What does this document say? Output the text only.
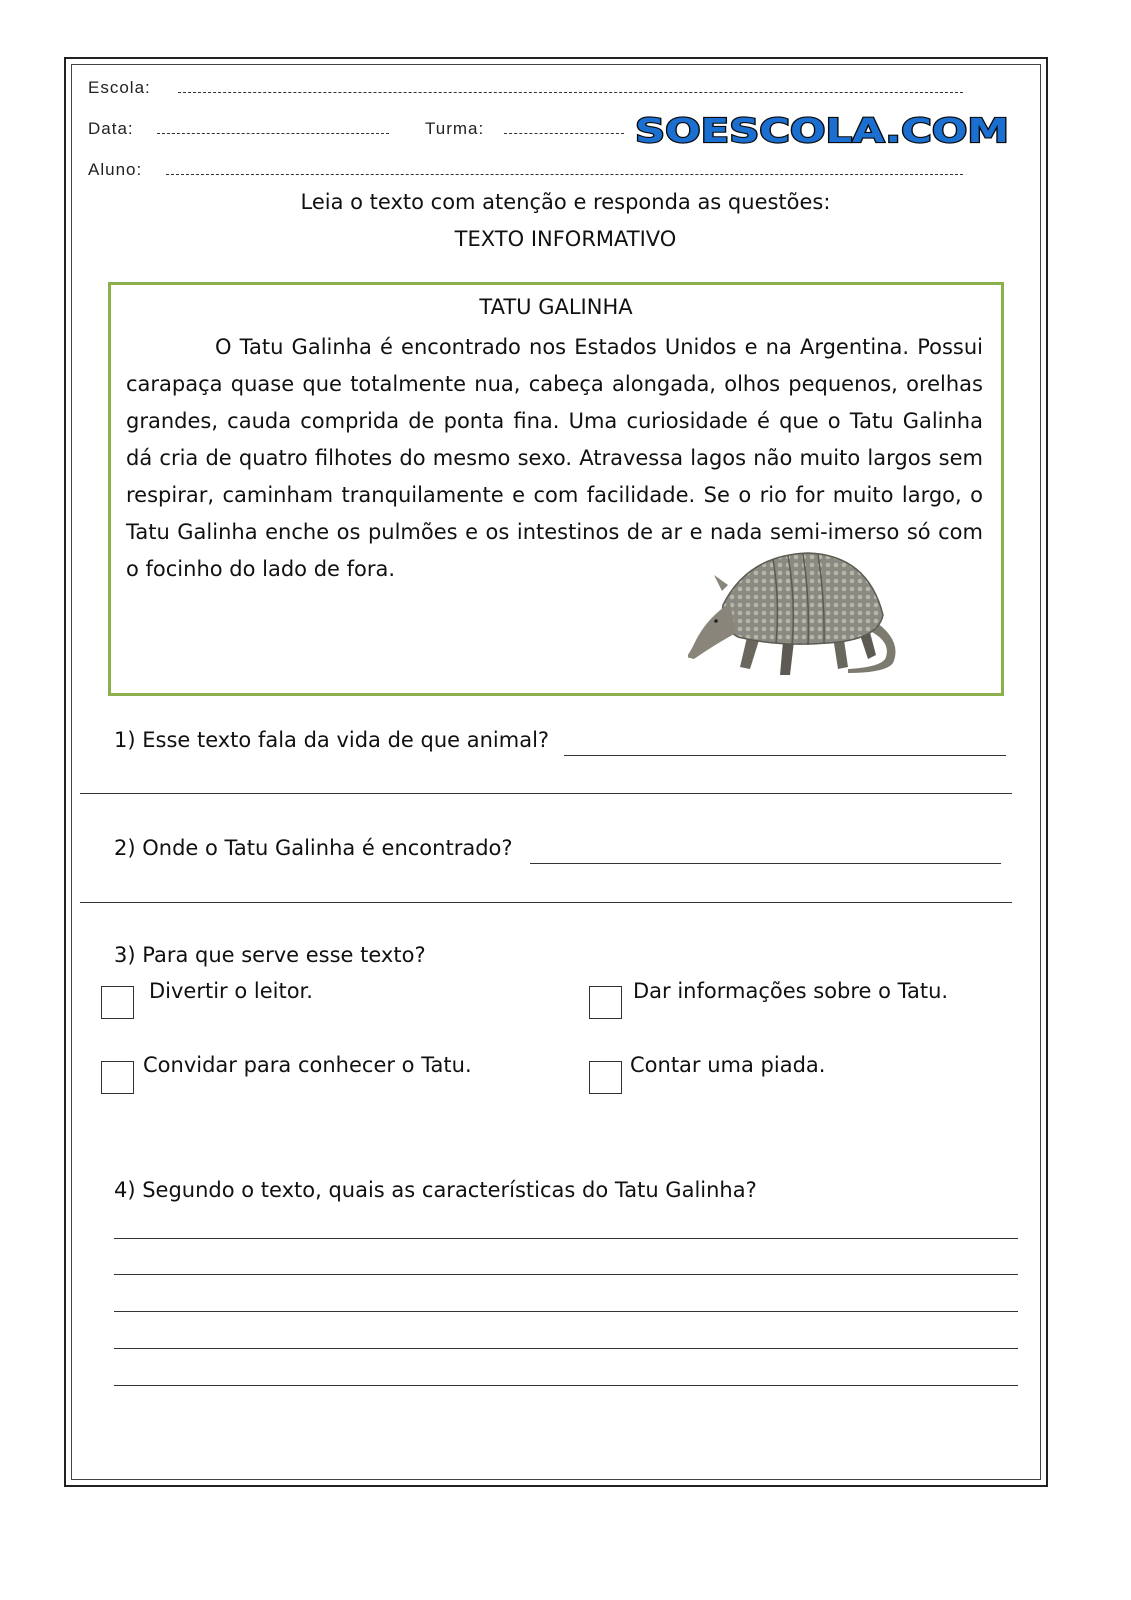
Escola:
Data:	Turma:	SOESCOLA.COM
Aluno:
Leia o texto com atenção e responda as questões:
TEXTO INFORMATIVO
TATU GALINHA
O Tatu Galinha é encontrado nos Estados Unidos e na Argentina. Possui carapaça quase que totalmente nua, cabeça alongada, olhos pequenos, orelhas grandes, cauda comprida de ponta fina. Uma curiosidade é que o Tatu Galinha dá cria de quatro filhotes do mesmo sexo. Atravessa lagos não muito largos sem respirar, caminham tranquilamente e com facilidade. Se o rio for muito largo, o Tatu Galinha enche os pulmões e os intestinos de ar e nada semi-imerso só com o focinho do lado de fora.
1) Esse texto fala da vida de que animal?
2) Onde o Tatu Galinha é encontrado?
3) Para que serve esse texto?
Divertir o leitor.	Dar informações sobre o Tatu.
Convidar para conhecer o Tatu.	Contar uma piada.
4) Segundo o texto, quais as características do Tatu Galinha?
